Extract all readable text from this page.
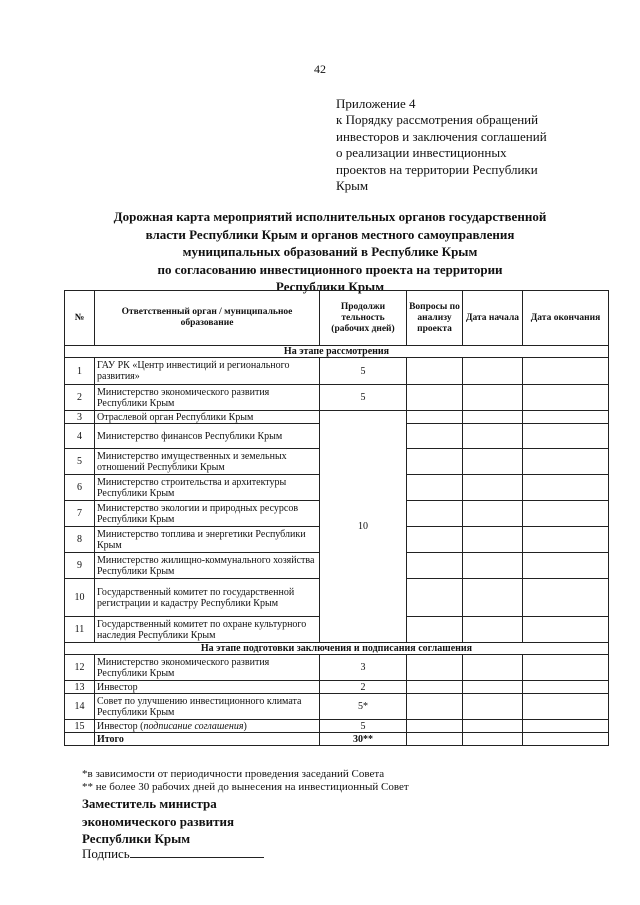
42
Приложение 4
к Порядку рассмотрения обращений
инвесторов и заключения соглашений
о реализации инвестиционных
проектов на территории Республики
Крым
Дорожная карта мероприятий исполнительных органов государственной
власти Республики Крым и органов местного самоуправления
муниципальных образований в Республике Крым
по согласованию инвестиционного проекта на территории
Республики Крым
№	Ответственный орган / муниципальное образование	Продолжи тельность (рабочих дней)	Вопросы по анализу проекта	Дата начала	Дата окончания
На этапе рассмотрения					
1	ГАУ РК «Центр инвестиций и регионального развития»	5			
2	Министерство экономического развития Республики Крым	5			
3	Отраслевой орган Республики Крым	10			
4	Министерство финансов Республики Крым				
5	Министерство имущественных и земельных отношений Республики Крым				
6	Министерство строительства и архитектуры Республики Крым				
7	Министерство экологии и природных ресурсов Республики Крым				
8	Министерство топлива и энергетики Республики Крым				
9	Министерство жилищно-коммунального хозяйства Республики Крым				
10	Государственный комитет по государственной регистрации и кадастру Республики Крым				
11	Государственный комитет по охране культурного наследия Республики Крым				
На этапе подготовки заключения и подписания соглашения					
12	Министерство экономического развития Республики Крым	3			
13	Инвестор	2			
14	Совет по улучшению инвестиционного климата Республики Крым	5*			
15	Инвестор (подписание соглашения)	5			
	Итого	30**			
*в зависимости от периодичности проведения заседаний Совета
** не более 30 рабочих дней до вынесения на инвестиционный Совет
Заместитель министра
экономического развития
Республики Крым
Подпись
